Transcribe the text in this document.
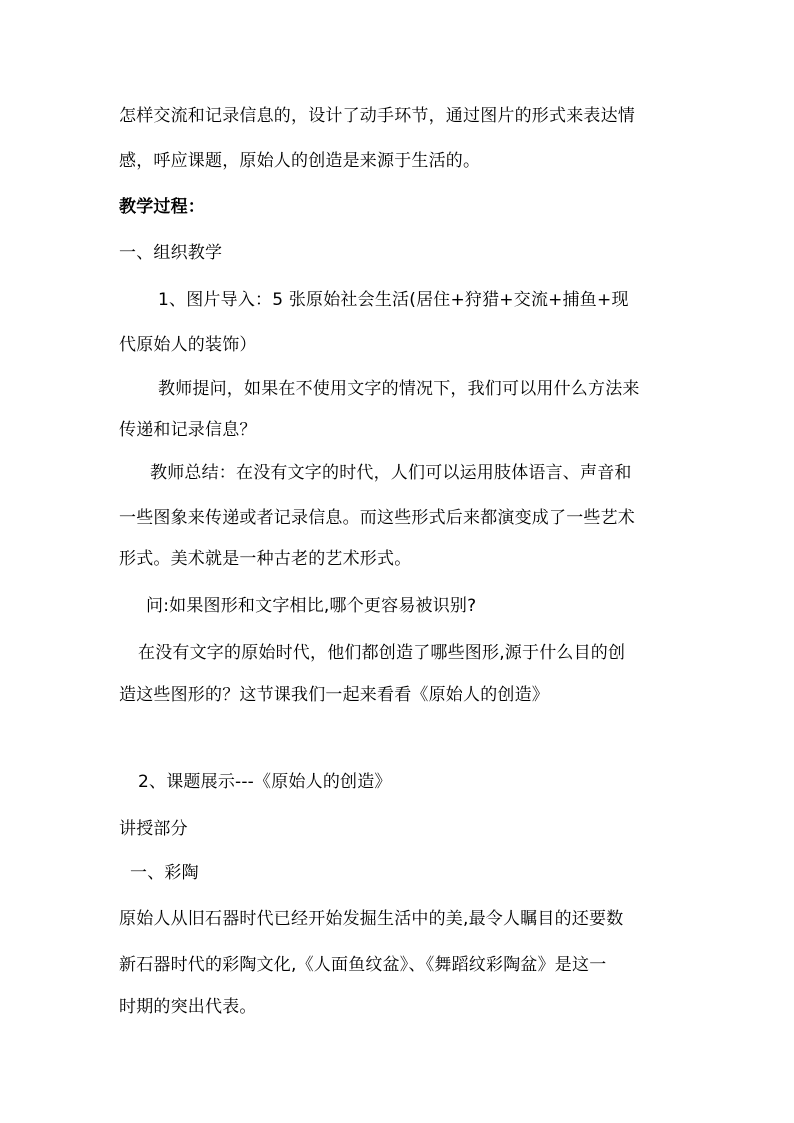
怎样交流和记录信息的，设计了动手环节，通过图片的形式来表达情
感，呼应课题，原始人的创造是来源于生活的。
教学过程：
一、组织教学
1、图片导入：5 张原始社会生活(居住+狩猎+交流+捕鱼+现
代原始人的装饰）
教师提问，如果在不使用文字的情况下，我们可以用什么方法来
传递和记录信息？
教师总结：在没有文字的时代，人们可以运用肢体语言、声音和
一些图象来传递或者记录信息。而这些形式后来都演变成了一些艺术
形式。美术就是一种古老的艺术形式。
问:如果图形和文字相比,哪个更容易被识别?
在没有文字的原始时代，他们都创造了哪些图形,源于什么目的创
造这些图形的？这节课我们一起来看看《原始人的创造》
2、课题展示---《原始人的创造》
讲授部分
一、彩陶
原始人从旧石器时代已经开始发掘生活中的美,最令人瞩目的还要数
新石器时代的彩陶文化,《人面鱼纹盆》、《舞蹈纹彩陶盆》是这一
时期的突出代表。
